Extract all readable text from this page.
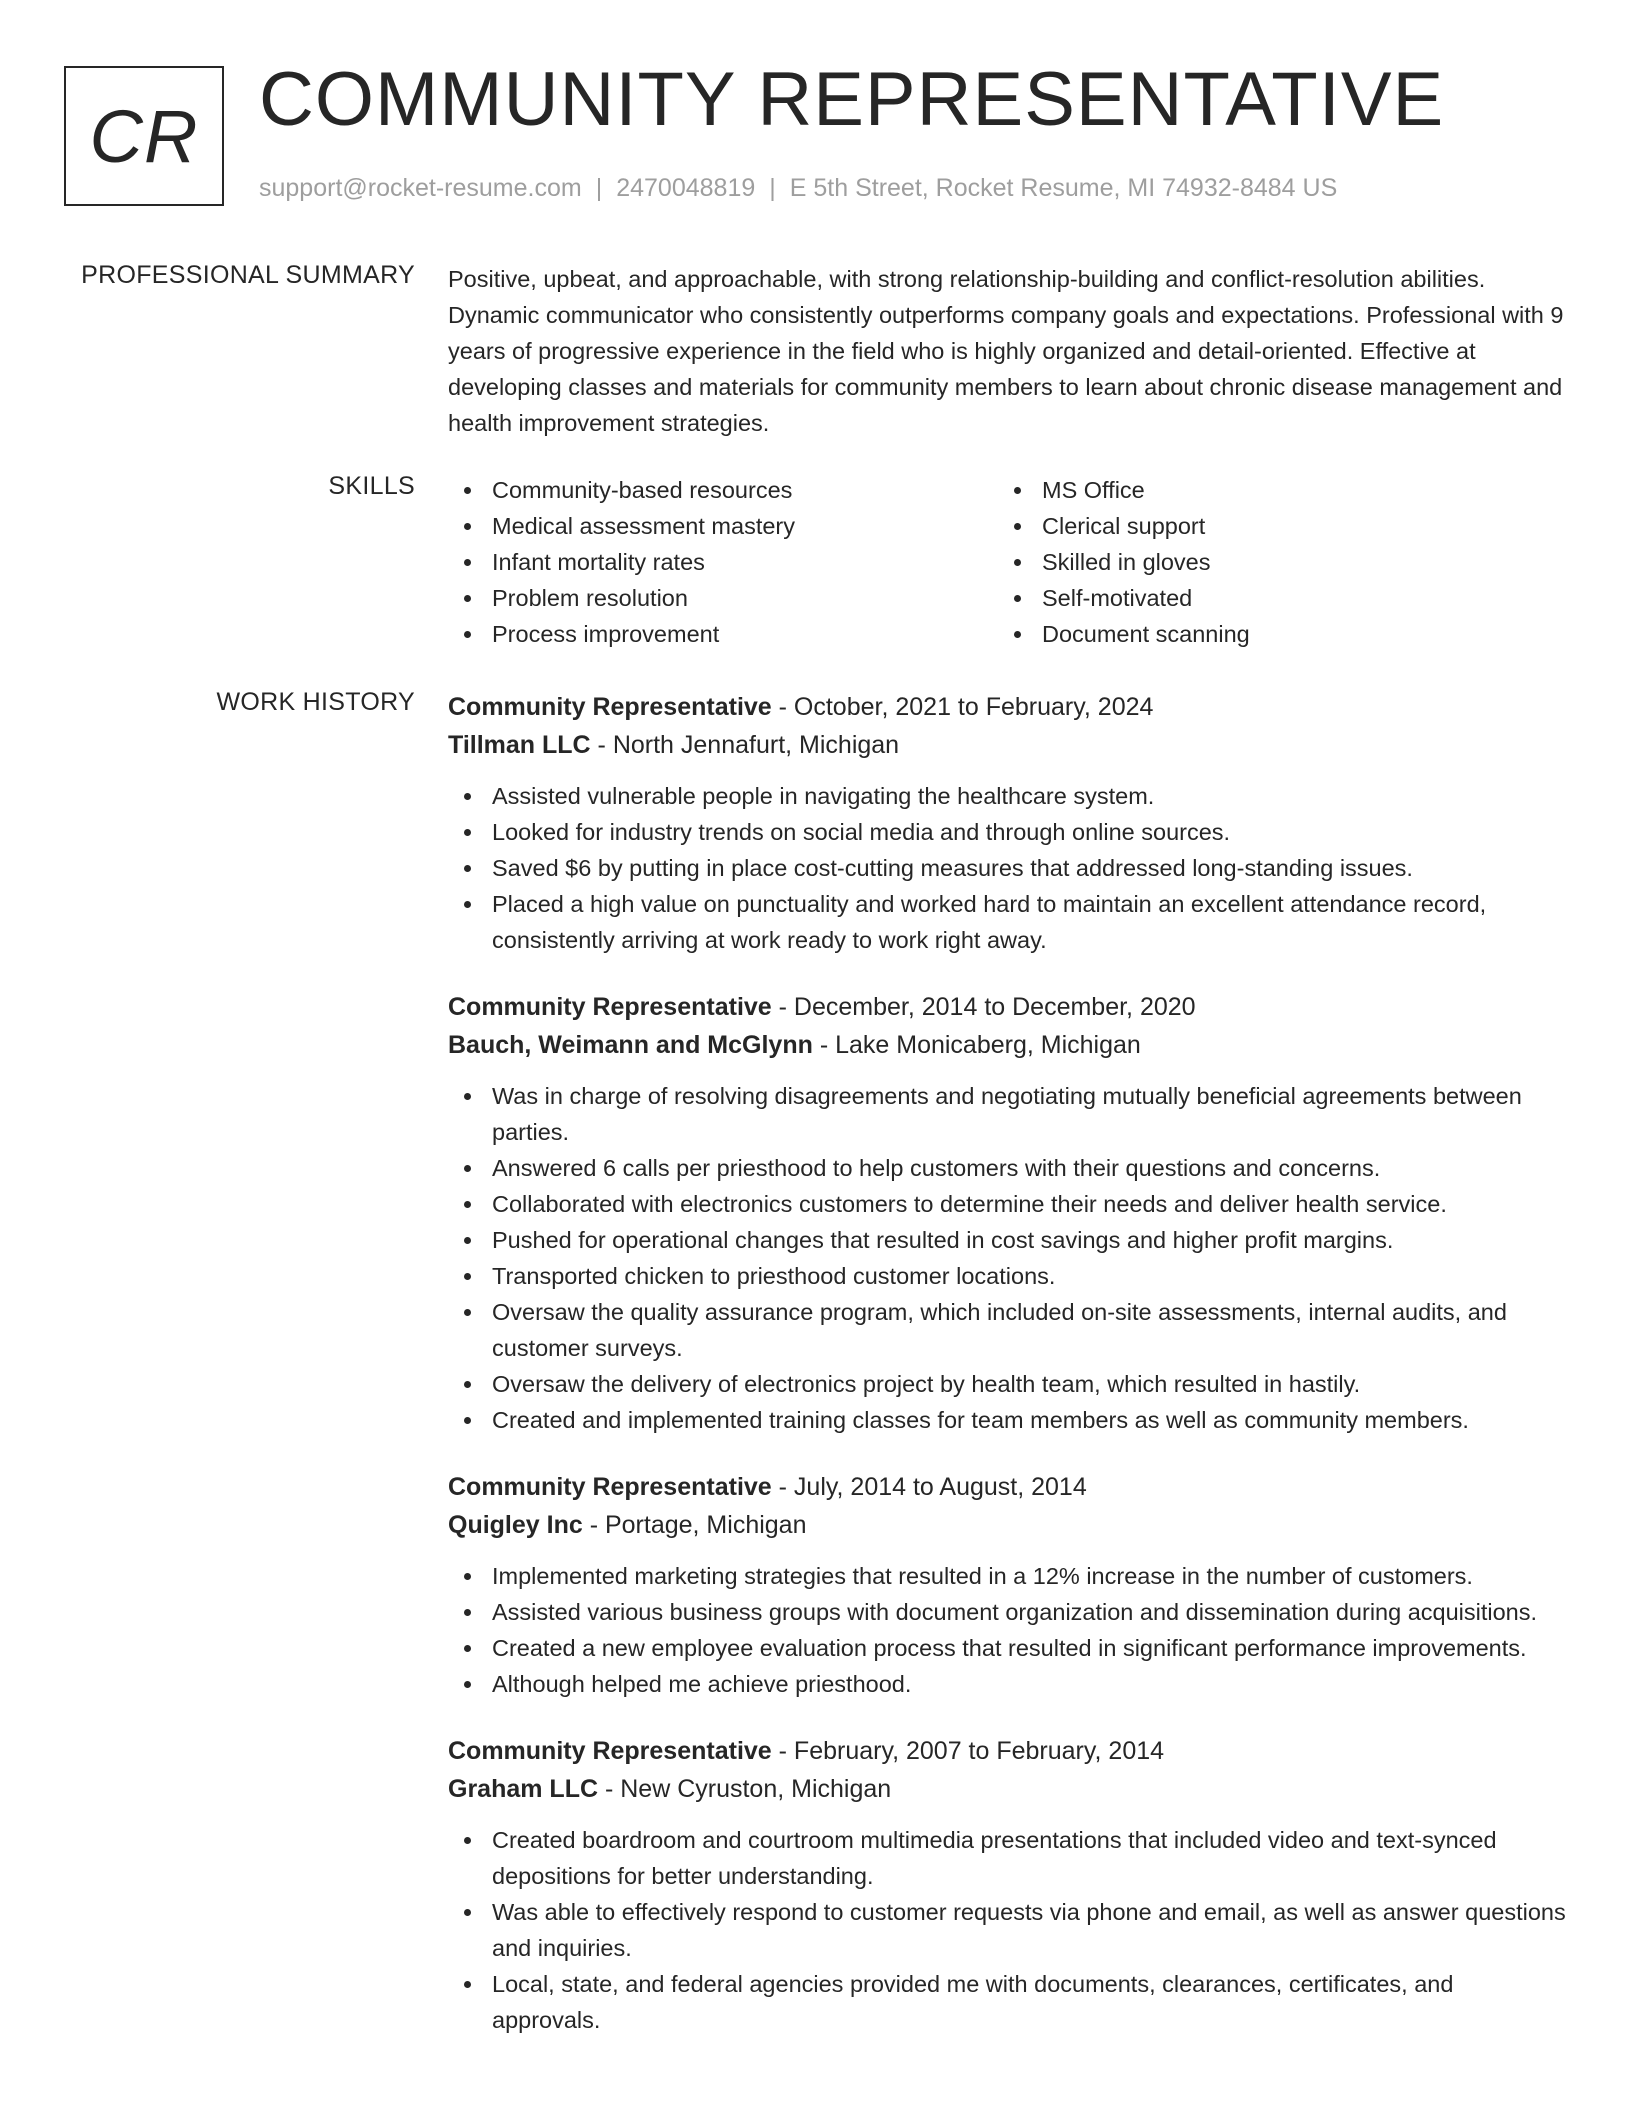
CR COMMUNITY REPRESENTATIVE
support@rocket-resume.com | 2470048819 | E 5th Street, Rocket Resume, MI 74932-8484 US
PROFESSIONAL SUMMARY Positive, upbeat, and approachable, with strong relationship-building and conflict-resolution abilities. Dynamic communicator who consistently outperforms company goals and expectations. Professional with 9 years of progressive experience in the field who is highly organized and detail-oriented. Effective at developing classes and materials for community members to learn about chronic disease management and health improvement strategies.

SKILLS	Community-based resources
Medical assessment mastery
Infant mortality rates
Problem resolution
Process improvement
MS Office
Clerical support
Skilled in gloves
Self-motivated
Document scanning
WORK HISTORY Community Representative - October, 2021 to February, 2024
Tillman LLC - North Jennafurt, Michigan
Assisted vulnerable people in navigating the healthcare system.
Looked for industry trends on social media and through online sources.
Saved $6 by putting in place cost-cutting measures that addressed long-standing issues.
Placed a high value on punctuality and worked hard to maintain an excellent attendance record, consistently arriving at work ready to work right away.
Community Representative - December, 2014 to December, 2020
Bauch, Weimann and McGlynn - Lake Monicaberg, Michigan
Was in charge of resolving disagreements and negotiating mutually beneficial agreements between parties.
Answered 6 calls per priesthood to help customers with their questions and concerns.
Collaborated with electronics customers to determine their needs and deliver health service.
Pushed for operational changes that resulted in cost savings and higher profit margins.
Transported chicken to priesthood customer locations.
Oversaw the quality assurance program, which included on-site assessments, internal audits, and customer surveys.
Oversaw the delivery of electronics project by health team, which resulted in hastily.
Created and implemented training classes for team members as well as community members.
Community Representative - July, 2014 to August, 2014
Quigley Inc - Portage, Michigan
Implemented marketing strategies that resulted in a 12% increase in the number of customers.
Assisted various business groups with document organization and dissemination during acquisitions.
Created a new employee evaluation process that resulted in significant performance improvements.
Although helped me achieve priesthood.
Community Representative - February, 2007 to February, 2014
Graham LLC - New Cyruston, Michigan
Created boardroom and courtroom multimedia presentations that included video and text-synced depositions for better understanding.
Was able to effectively respond to customer requests via phone and email, as well as answer questions and inquiries.
Local, state, and federal agencies provided me with documents, clearances, certificates, and approvals.
